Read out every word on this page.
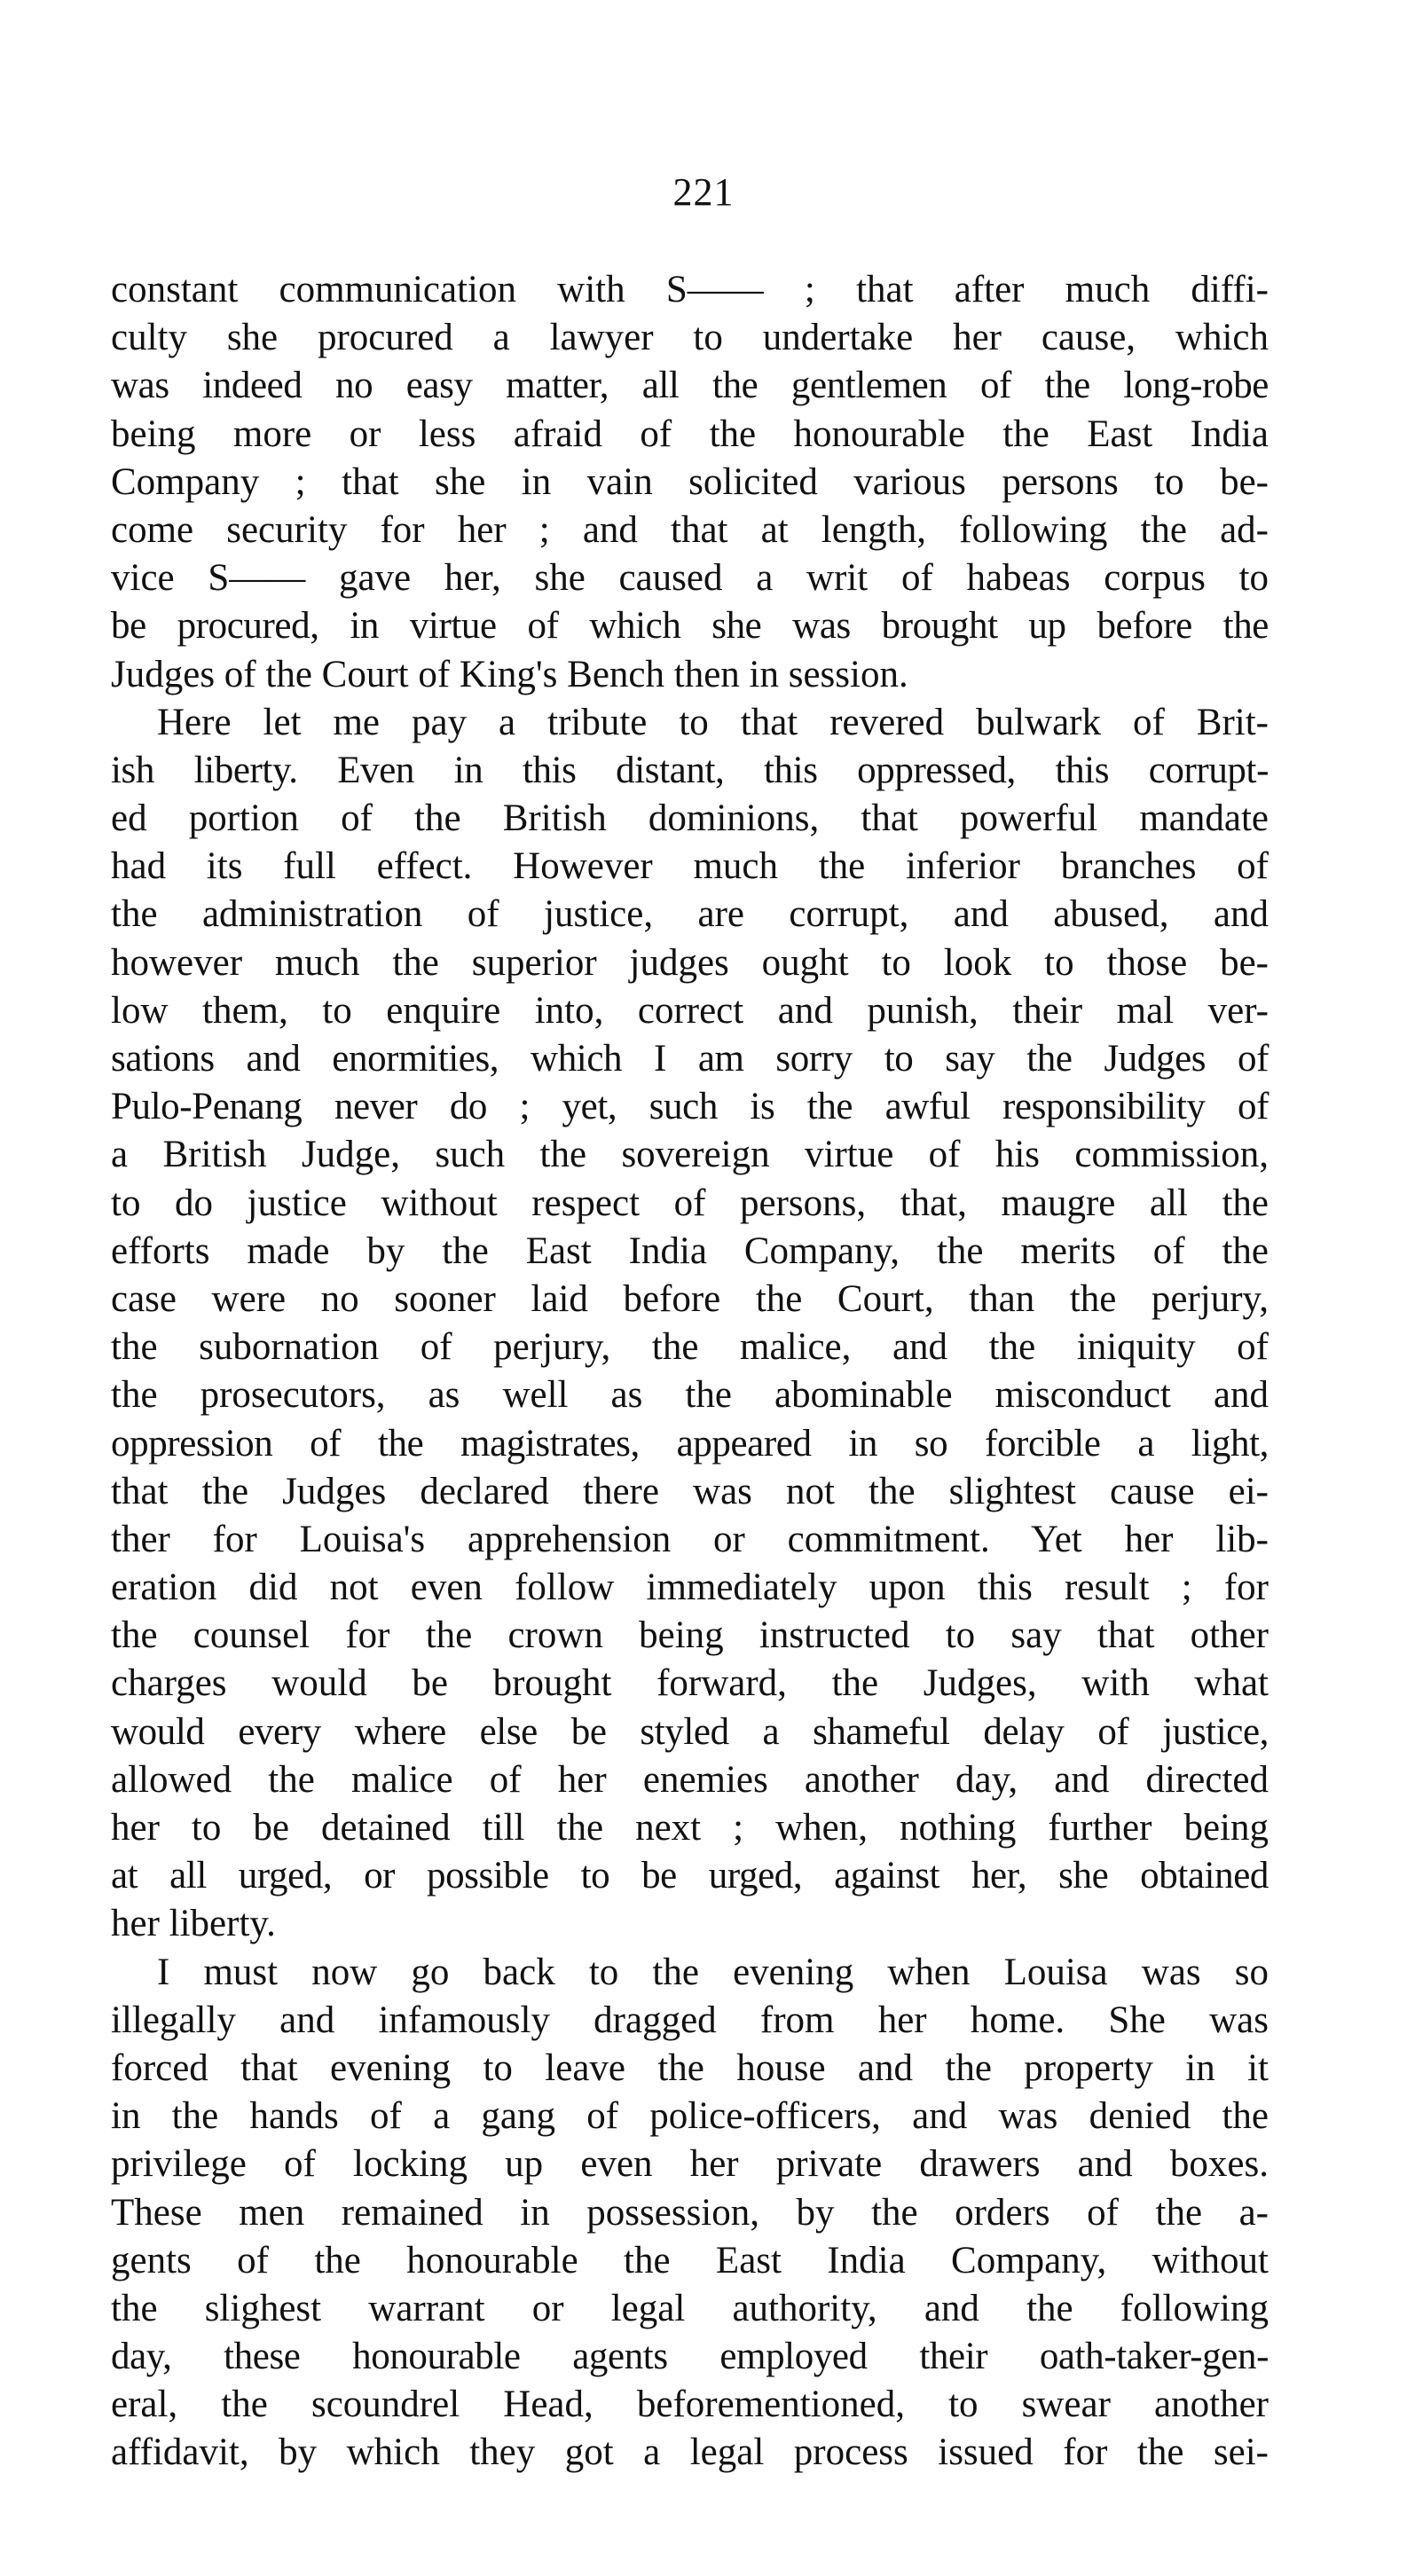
221
constant communication with S—— ; that after much diffi-
culty she procured a lawyer to undertake her cause, which
was indeed no easy matter, all the gentlemen of the long-robe
being more or less afraid of the honourable the East India
Company ; that she in vain solicited various persons to be-
come security for her ; and that at length, following the ad-
vice S—— gave her, she caused a writ of habeas corpus to
be procured, in virtue of which she was brought up before the
Judges of the Court of King's Bench then in session.
Here let me pay a tribute to that revered bulwark of Brit-
ish liberty. Even in this distant, this oppressed, this corrupt-
ed portion of the British dominions, that powerful mandate
had its full effect. However much the inferior branches of
the administration of justice, are corrupt, and abused, and
however much the superior judges ought to look to those be-
low them, to enquire into, correct and punish, their mal ver-
sations and enormities, which I am sorry to say the Judges of
Pulo-Penang never do ; yet, such is the awful responsibility of
a British Judge, such the sovereign virtue of his commission,
to do justice without respect of persons, that, maugre all the
efforts made by the East India Company, the merits of the
case were no sooner laid before the Court, than the perjury,
the subornation of perjury, the malice, and the iniquity of
the prosecutors, as well as the abominable misconduct and
oppression of the magistrates, appeared in so forcible a light,
that the Judges declared there was not the slightest cause ei-
ther for Louisa's apprehension or commitment. Yet her lib-
eration did not even follow immediately upon this result ; for
the counsel for the crown being instructed to say that other
charges would be brought forward, the Judges, with what
would every where else be styled a shameful delay of justice,
allowed the malice of her enemies another day, and directed
her to be detained till the next ; when, nothing further being
at all urged, or possible to be urged, against her, she obtained
her liberty.
I must now go back to the evening when Louisa was so
illegally and infamously dragged from her home. She was
forced that evening to leave the house and the property in it
in the hands of a gang of police-officers, and was denied the
privilege of locking up even her private drawers and boxes.
These men remained in possession, by the orders of the a-
gents of the honourable the East India Company, without
the slighest warrant or legal authority, and the following
day, these honourable agents employed their oath-taker-gen-
eral, the scoundrel Head, beforementioned, to swear another
affidavit, by which they got a legal process issued for the sei-
